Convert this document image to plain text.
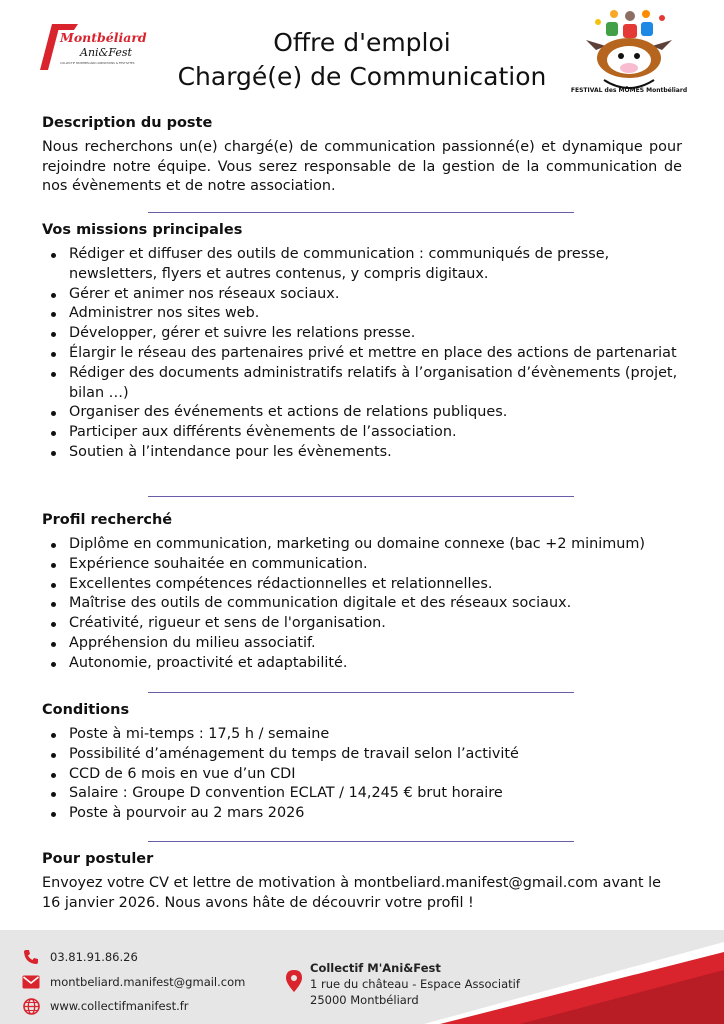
Montbéliard
Ani&Fest
COLLECTIF MONTBÉLIARD ANIMATIONS & FESTIVITÉS
Offre d'emploi
Chargé(e) de Communication	FESTIVAL des MÔMES Montbéliard
Description du poste

Nous recherchons un(e) chargé(e) de communication passionné(e) et dynamique pour rejoindre notre équipe. Vous serez responsable de la gestion de la communication de nos évènements et de notre association.

Vos missions principales
Rédiger et diffuser des outils de communication : communiqués de presse, newsletters, flyers et autres contenus, y compris digitaux.
Gérer et animer nos réseaux sociaux.
Administrer nos sites web.
Développer, gérer et suivre les relations presse.
Élargir le réseau des partenaires privé et mettre en place des actions de partenariat
Rédiger des documents administratifs relatifs à l’organisation d’évènements (projet, bilan …)
Organiser des événements et actions de relations publiques.
Participer aux différents évènements de l’association.
Soutien à l’intendance pour les évènements.
Profil recherché
Diplôme en communication, marketing ou domaine connexe (bac +2 minimum)
Expérience souhaitée en communication.
Excellentes compétences rédactionnelles et relationnelles.
Maîtrise des outils de communication digitale et des réseaux sociaux.
Créativité, rigueur et sens de l'organisation.
Appréhension du milieu associatif.
Autonomie, proactivité et adaptabilité.
Conditions
Poste à mi-temps : 17,5 h / semaine
Possibilité d’aménagement du temps de travail selon l’activité
CCD de 6 mois en vue d’un CDI
Salaire : Groupe D convention ECLAT / 14,245 € brut horaire
Poste à pourvoir au 2 mars 2026
Pour postuler

Envoyez votre CV et lettre de motivation à montbeliard.manifest@gmail.com avant le 16 janvier 2026. Nous avons hâte de découvrir votre profil !

03.81.91.86.26
montbeliard.manifest@gmail.com
www.collectifmanifest.fr
Collectif M'Ani&Fest
1 rue du château - Espace Associatif
25000 Montbéliard
